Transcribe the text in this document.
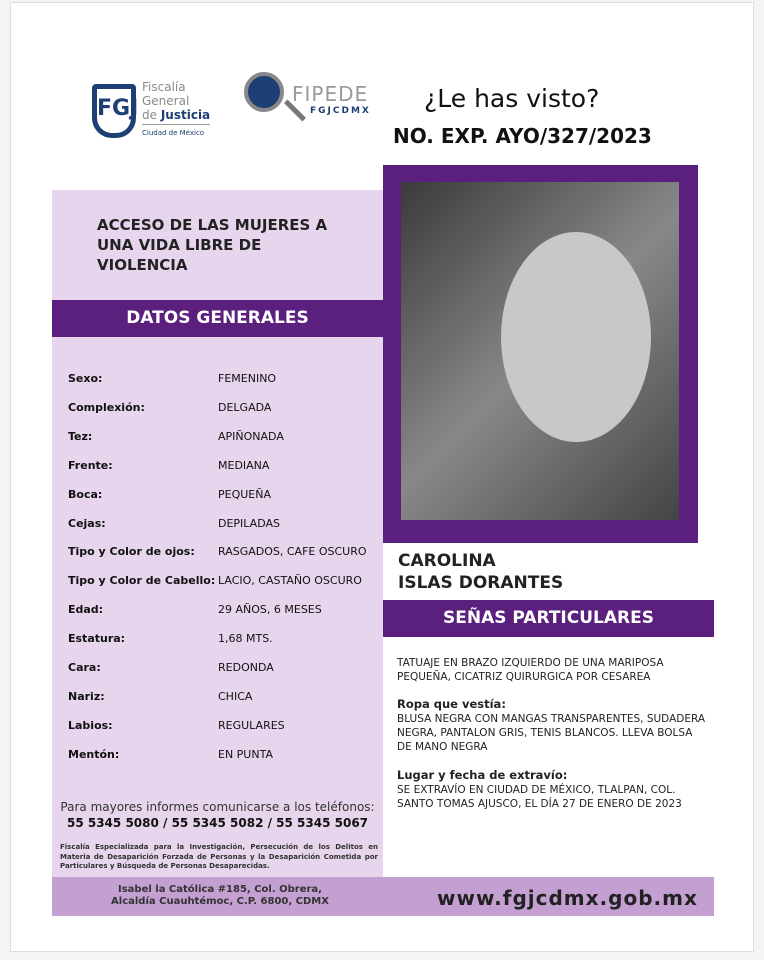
FGJ
Fiscalía
General
de Justicia
Ciudad de México
FIPEDE
FGJCDMX ¿Le has visto?
NO. EXP. AYO/327/2023
ACCESO DE LAS MUJERES A UNA VIDA LIBRE DE VIOLENCIA
DATOS GENERALES
Sexo:	FEMENINO
Complexión:	DELGADA
Tez:	APIÑONADA
Frente:	MEDIANA
Boca:	PEQUEÑA
Cejas:	DEPILADAS
Tipo y Color de ojos: RASGADOS, CAFE OSCURO
Tipo y Color de Cabello: LACIO, CASTAÑO OSCURO
Edad:	29 AÑOS, 6 MESES
Estatura:	1,68 MTS.
Cara:	REDONDA
Nariz:	CHICA
Labios:	REGULARES
Mentón:	EN PUNTA
CAROLINA
ISLAS DORANTES
SEÑAS PARTICULARES
TATUAJE EN BRAZO IZQUIERDO DE UNA MARIPOSA PEQUEÑA, CICATRIZ QUIRURGICA POR CESAREA
Ropa que vestía:
BLUSA NEGRA CON MANGAS TRANSPARENTES, SUDADERA NEGRA, PANTALON GRIS, TENIS BLANCOS. LLEVA BOLSA DE MANO NEGRA
Lugar y fecha de extravío:
SE EXTRAVÍO EN CIUDAD DE MÉXICO, TLALPAN, COL. SANTO TOMAS AJUSCO, EL DÍA 27 DE ENERO DE 2023
Para mayores informes comunicarse a los teléfonos:
55 5345 5080 / 55 5345 5082 / 55 5345 5067
Fiscalía Especializada para la Investigación, Persecución de los Delitos en Materia de Desaparición Forzada de Personas y la Desaparición Cometida por Particulares y Búsqueda de Personas Desaparecidas.
Isabel la Católica #185, Col. Obrera,
Alcaldía Cuauhtémoc, C.P. 6800, CDMX	www.fgjcdmx.gob.mx
